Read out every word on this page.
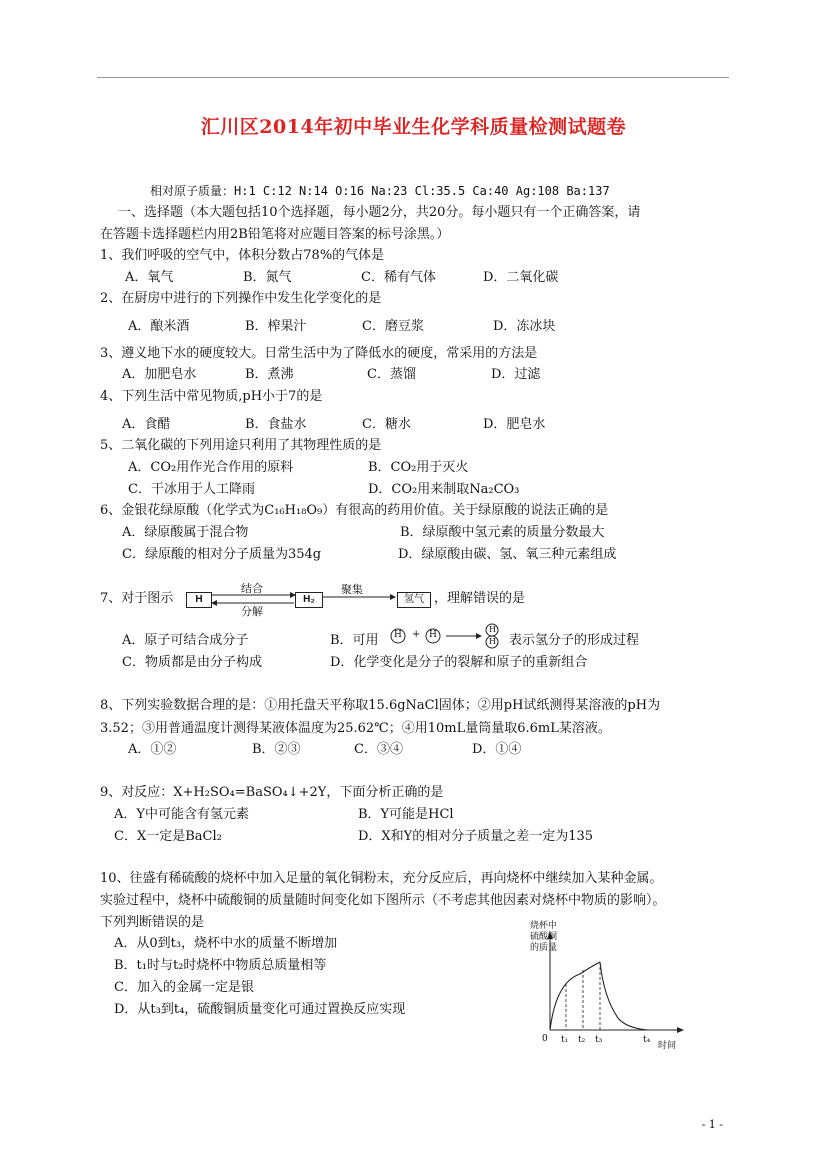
汇川区2014年初中毕业生化学科质量检测试题卷
相对原子质量：H:1 C:12 N:14 O:16 Na:23 Cl:35.5 Ca:40 Ag:108 Ba:137
一、选择题（本大题包括10个选择题，每小题2分，共20分。每小题只有一个正确答案，请
在答题卡选择题栏内用2B铅笔将对应题目答案的标号涂黑。）
1、我们呼吸的空气中，体积分数占78%的气体是
A．氧气	B．氮气	C．稀有气体	D．二氧化碳
2、在厨房中进行的下列操作中发生化学变化的是
A．酿米酒	B．榨果汁	C．磨豆浆	D．冻冰块
3、遵义地下水的硬度较大。日常生活中为了降低水的硬度，常采用的方法是
A．加肥皂水	B．煮沸	C．蒸馏	D．过滤
4、下列生活中常见物质,pH小于7的是
A．食醋	B．食盐水	C．糖水	D．肥皂水
5、二氧化碳的下列用途只利用了其物理性质的是
A．CO₂用作光合作用的原料	B．CO₂用于灭火
C．干冰用于人工降雨	D．CO₂用来制取Na₂CO₃
6、金银花绿原酸（化学式为C₁₆H₁₈O₉）有很高的药用价值。关于绿原酸的说法正确的是
A．绿原酸属于混合物	B．绿原酸中氢元素的质量分数最大
C．绿原酸的相对分子质量为354g	D．绿原酸由碳、氢、氧三种元素组成
7、对于图示	H
结合
分解
H₂
聚集
氢气 ，理解错误的是
A．原子可结合成分子	B．可用 H + H
H
H 表示氢分子的形成过程
C．物质都是由分子构成	D．化学变化是分子的裂解和原子的重新组合
8、下列实验数据合理的是：①用托盘天平称取15.6gNaCl固体；②用pH试纸测得某溶液的pH为
3.52；③用普通温度计测得某液体温度为25.62℃；④用10mL量筒量取6.6mL某溶液。
A．①②	B．②③	C．③④	D．①④
9、对反应：X+H₂SO₄=BaSO₄↓+2Y，下面分析正确的是
A．Y中可能含有氢元素	B．Y可能是HCl
C．X一定是BaCl₂	D．X和Y的相对分子质量之差一定为135
10、往盛有稀硫酸的烧杯中加入足量的氧化铜粉末，充分反应后，再向烧杯中继续加入某种金属。
实验过程中，烧杯中硫酸铜的质量随时间变化如下图所示（不考虑其他因素对烧杯中物质的影响）。
下列判断错误的是
A．从0到t₃，烧杯中水的质量不断增加
B．t₁时与t₂时烧杯中物质总质量相等
C．加入的金属一定是银
D．从t₃到t₄，硫酸铜质量变化可通过置换反应实现
烧杯中
硫酸铜
的质量
0 t₁ t₂ t₃	t₄
时间
- 1 -
